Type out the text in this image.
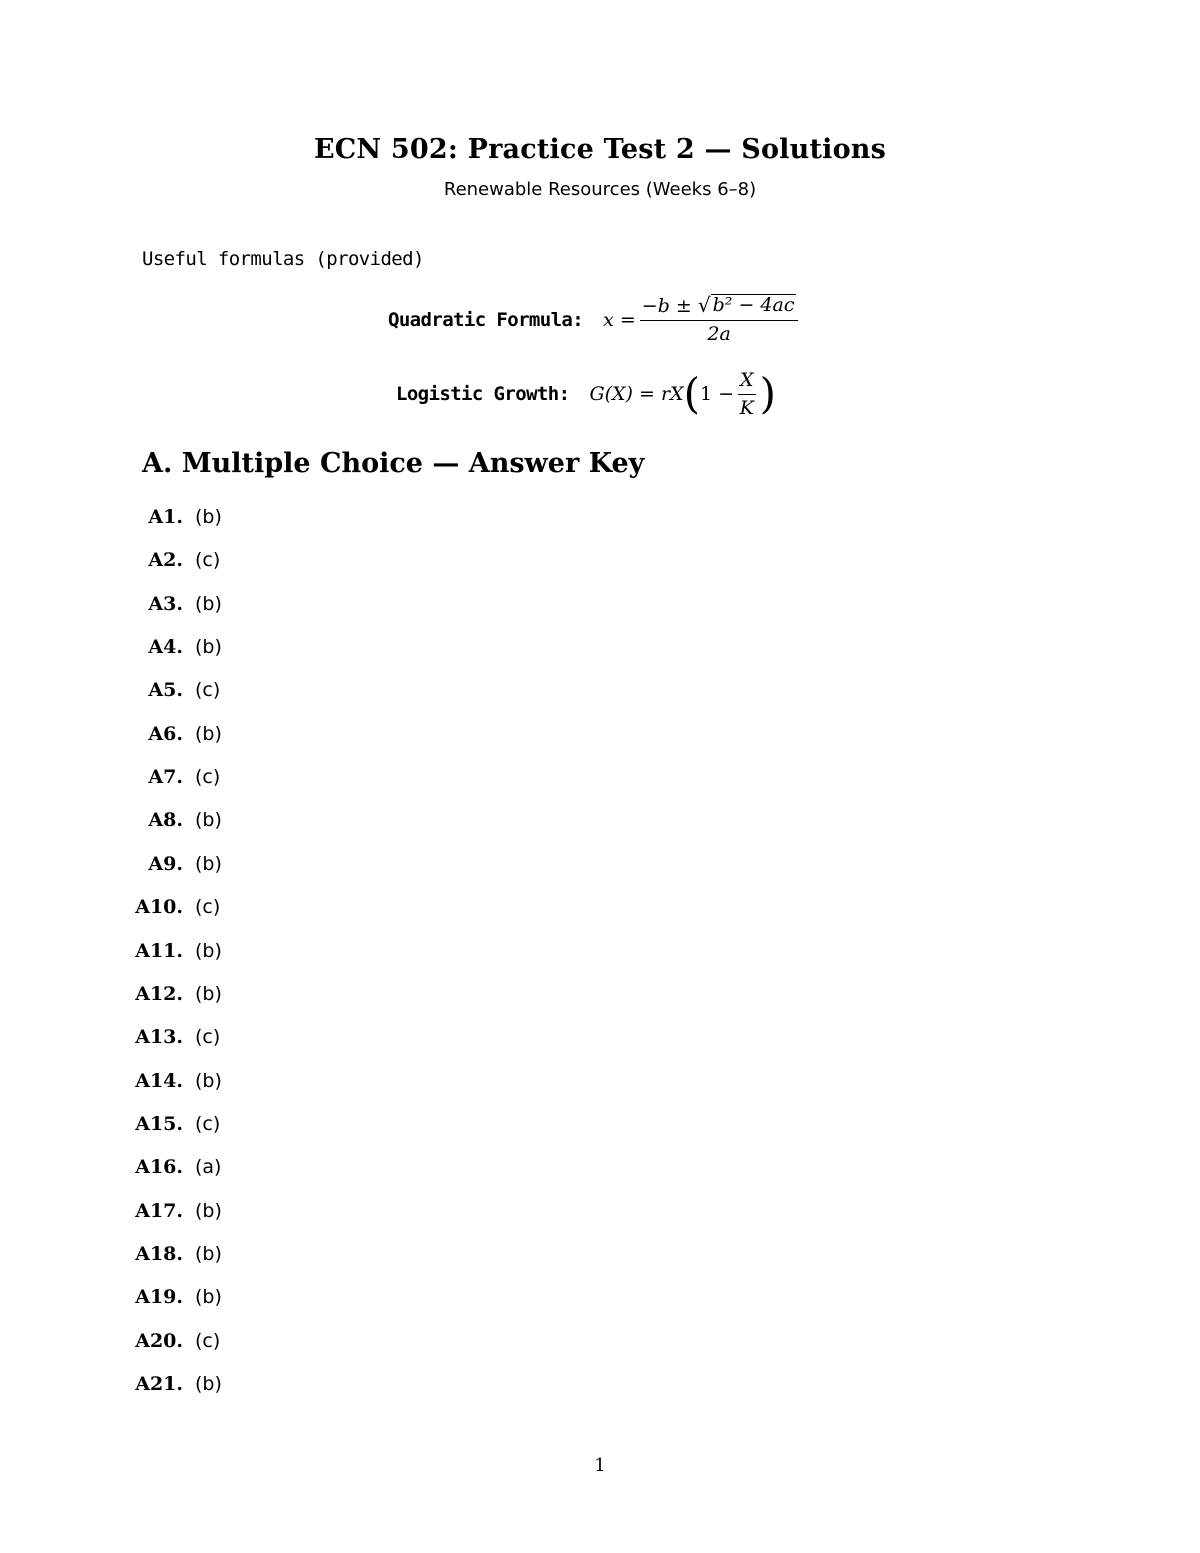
ECN 502: Practice Test 2 — Solutions
Renewable Resources (Weeks 6–8)
Useful formulas (provided)
Quadratic Formula: $x = \frac{\text{−b ± √ b² − 4ac}}{2a}$
Logistic Growth: G(X) = rX ( $1 - \frac{X}{K}$ )
A. Multiple Choice — Answer Key
A1. (b)
A2. (c)
A3. (b)
A4. (b)
A5. (c)
A6. (b)
A7. (c)
A8. (b)
A9. (b)
A10. (c)
A11. (b)
A12. (b)
A13. (c)
A14. (b)
A15. (c)
A16. (a)
A17. (b)
A18. (b)
A19. (b)
A20. (c)
A21. (b)
1
